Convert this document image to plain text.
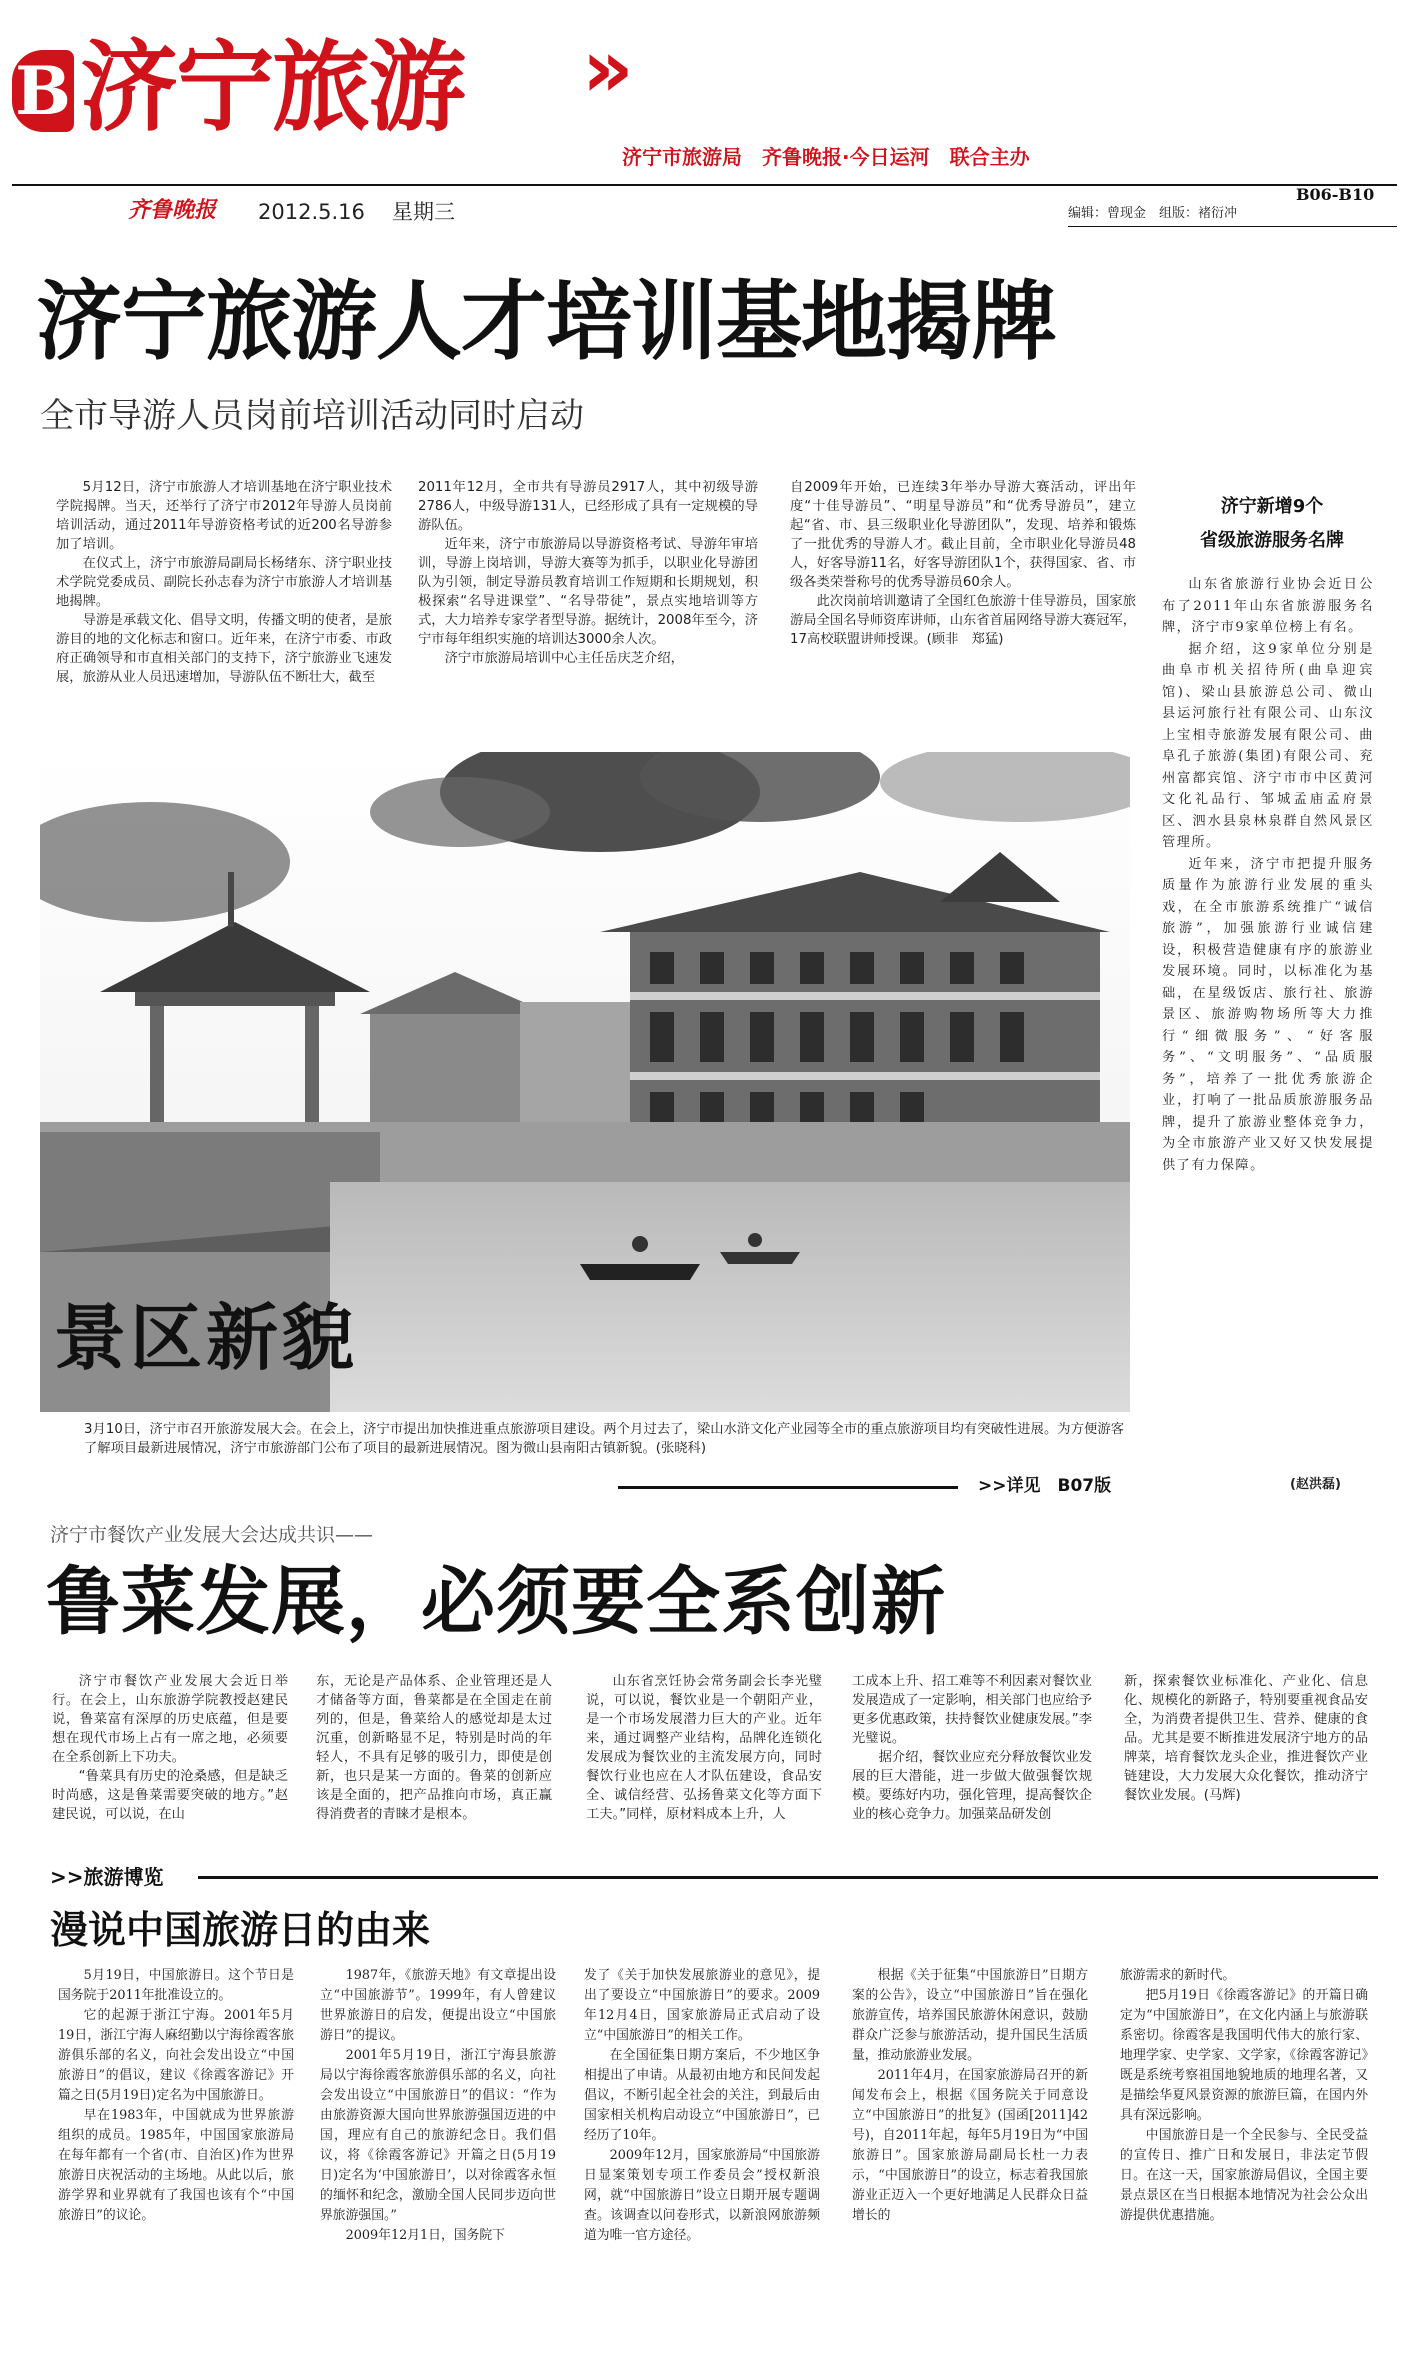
B 济宁旅游 »
济宁市旅游局　齐鲁晚报·今日运河　联合主办
齐鲁晚报 2012.5.16 星期三	编辑：曾现金　组版：褚衍冲
B06-B10
济宁旅游人才培训基地揭牌
全市导游人员岗前培训活动同时启动

5月12日，济宁市旅游人才培训基地在济宁职业技术学院揭牌。当天，还举行了济宁市2012年导游人员岗前培训活动，通过2011年导游资格考试的近200名导游参加了培训。

在仪式上，济宁市旅游局副局长杨绪东、济宁职业技术学院党委成员、副院长孙志春为济宁市旅游人才培训基地揭牌。

导游是承载文化、倡导文明，传播文明的使者，是旅游目的地的文化标志和窗口。近年来，在济宁市委、市政府正确领导和市直相关部门的支持下，济宁旅游业飞速发展，旅游从业人员迅速增加，导游队伍不断壮大，截至

2011年12月，全市共有导游员2917人，其中初级导游2786人，中级导游131人，已经形成了具有一定规模的导游队伍。

近年来，济宁市旅游局以导游资格考试、导游年审培训，导游上岗培训，导游大赛等为抓手，以职业化导游团队为引领，制定导游员教育培训工作短期和长期规划，积极探索“名导进课堂”、“名导带徒”，景点实地培训等方式，大力培养专家学者型导游。据统计，2008年至今，济宁市每年组织实施的培训达3000余人次。

济宁市旅游局培训中心主任岳庆芝介绍，

自2009年开始，已连续3年举办导游大赛活动，评出年度“十佳导游员”、“明星导游员”和“优秀导游员”，建立起“省、市、县三级职业化导游团队”，发现、培养和锻炼了一批优秀的导游人才。截止目前，全市职业化导游员48人，好客导游11名，好客导游团队1个，获得国家、省、市级各类荣誉称号的优秀导游员60余人。

此次岗前培训邀请了全国红色旅游十佳导游员，国家旅游局全国名导师资库讲师，山东省首届网络导游大赛冠军，17高校联盟讲师授课。(顾非　郑猛)

济宁新增9个
省级旅游服务名牌

山东省旅游行业协会近日公布了2011年山东省旅游服务名牌，济宁市9家单位榜上有名。

据介绍，这9家单位分别是曲阜市机关招待所(曲阜迎宾馆)、梁山县旅游总公司、微山县运河旅行社有限公司、山东汶上宝相寺旅游发展有限公司、曲阜孔子旅游(集团)有限公司、兖州富都宾馆、济宁市市中区黄河文化礼品行、邹城孟庙孟府景区、泗水县泉林泉群自然风景区管理所。

近年来，济宁市把提升服务质量作为旅游行业发展的重头戏，在全市旅游系统推广“诚信旅游”，加强旅游行业诚信建设，积极营造健康有序的旅游业发展环境。同时，以标准化为基础，在星级饭店、旅行社、旅游景区、旅游购物场所等大力推行“细微服务”、“好客服务”、“文明服务”、“品质服务”，培养了一批优秀旅游企业，打响了一批品质旅游服务品牌，提升了旅游业整体竞争力，为全市旅游产业又好又快发展提供了有力保障。

(赵洪磊)
景区新貌
3月10日，济宁市召开旅游发展大会。在会上，济宁市提出加快推进重点旅游项目建设。两个月过去了，梁山水浒文化产业园等全市的重点旅游项目均有突破性进展。为方便游客了解项目最新进展情况，济宁市旅游部门公布了项目的最新进展情况。图为微山县南阳古镇新貌。(张晓科)
>>详见　B07版
济宁市餐饮产业发展大会达成共识——
鲁菜发展，必须要全系创新

济宁市餐饮产业发展大会近日举行。在会上，山东旅游学院教授赵建民说，鲁菜富有深厚的历史底蕴，但是要想在现代市场上占有一席之地，必须要在全系创新上下功夫。

“鲁菜具有历史的沧桑感，但是缺乏时尚感，这是鲁菜需要突破的地方。”赵建民说，可以说，在山

东，无论是产品体系、企业管理还是人才储备等方面，鲁菜都是在全国走在前列的，但是，鲁菜给人的感觉却是太过沉重，创新略显不足，特别是时尚的年轻人，不具有足够的吸引力，即使是创新，也只是某一方面的。鲁菜的创新应该是全面的，把产品推向市场，真正赢得消费者的青睐才是根本。

山东省烹饪协会常务副会长李光璧说，可以说，餐饮业是一个朝阳产业，是一个市场发展潜力巨大的产业。近年来，通过调整产业结构，品牌化连锁化发展成为餐饮业的主流发展方向，同时餐饮行业也应在人才队伍建设，食品安全、诚信经营、弘扬鲁菜文化等方面下工夫。”同样，原材料成本上升，人

工成本上升、招工难等不利因素对餐饮业发展造成了一定影响，相关部门也应给予更多优惠政策，扶持餐饮业健康发展。”李光璧说。

据介绍，餐饮业应充分释放餐饮业发展的巨大潜能，进一步做大做强餐饮规模。要练好内功，强化管理，提高餐饮企业的核心竞争力。加强菜品研发创

新，探索餐饮业标准化、产业化、信息化、规模化的新路子，特别要重视食品安全，为消费者提供卫生、营养、健康的食品。尤其是要不断推进发展济宁地方的品牌菜，培育餐饮龙头企业，推进餐饮产业链建设，大力发展大众化餐饮，推动济宁餐饮业发展。(马辉)

>>旅游博览
漫说中国旅游日的由来

5月19日，中国旅游日。这个节日是国务院于2011年批准设立的。

它的起源于浙江宁海。2001年5月19日，浙江宁海人麻绍勤以宁海徐霞客旅游俱乐部的名义，向社会发出设立“中国旅游日”的倡议，建议《徐霞客游记》开篇之日(5月19日)定名为中国旅游日。

早在1983年，中国就成为世界旅游组织的成员。1985年，中国国家旅游局在每年都有一个省(市、自治区)作为世界旅游日庆祝活动的主场地。从此以后，旅游学界和业界就有了我国也该有个“中国旅游日”的议论。

1987年，《旅游天地》有文章提出设立“中国旅游节”。1999年，有人曾建议世界旅游日的启发，便提出设立“中国旅游日”的提议。

2001年5月19日，浙江宁海县旅游局以宁海徐霞客旅游俱乐部的名义，向社会发出设立“中国旅游日”的倡议：“作为由旅游资源大国向世界旅游强国迈进的中国，理应有自己的旅游纪念日。我们倡议，将《徐霞客游记》开篇之日(5月19日)定名为‘中国旅游日’，以对徐霞客永恒的缅怀和纪念，激励全国人民同步迈向世界旅游强国。”

2009年12月1日，国务院下

发了《关于加快发展旅游业的意见》，提出了要设立“中国旅游日”的要求。2009年12月4日，国家旅游局正式启动了设立“中国旅游日”的相关工作。

在全国征集日期方案后，不少地区争相提出了申请。从最初由地方和民间发起倡议，不断引起全社会的关注，到最后由国家相关机构启动设立“中国旅游日”，已经历了10年。

2009年12月，国家旅游局“中国旅游日显案策划专项工作委员会”授权新浪网，就“中国旅游日”设立日期开展专题调查。该调查以问卷形式，以新浪网旅游频道为唯一官方途径。

根据《关于征集“中国旅游日”日期方案的公告》，设立“中国旅游日”旨在强化旅游宣传，培养国民旅游休闲意识，鼓励群众广泛参与旅游活动，提升国民生活质量，推动旅游业发展。

2011年4月，在国家旅游局召开的新闻发布会上，根据《国务院关于同意设立“中国旅游日”的批复》(国函[2011]42号)，自2011年起，每年5月19日为“中国旅游日”。国家旅游局副局长杜一力表示，“中国旅游日”的设立，标志着我国旅游业正迈入一个更好地满足人民群众日益增长的

旅游需求的新时代。

把5月19日《徐霞客游记》的开篇日确定为“中国旅游日”，在文化内涵上与旅游联系密切。徐霞客是我国明代伟大的旅行家、地理学家、史学家、文学家，《徐霞客游记》既是系统考察祖国地貌地质的地理名著，又是描绘华夏风景资源的旅游巨篇，在国内外具有深远影响。

中国旅游日是一个全民参与、全民受益的宣传日、推广日和发展日，非法定节假日。在这一天，国家旅游局倡议，全国主要景点景区在当日根据本地情况为社会公众出游提供优惠措施。
